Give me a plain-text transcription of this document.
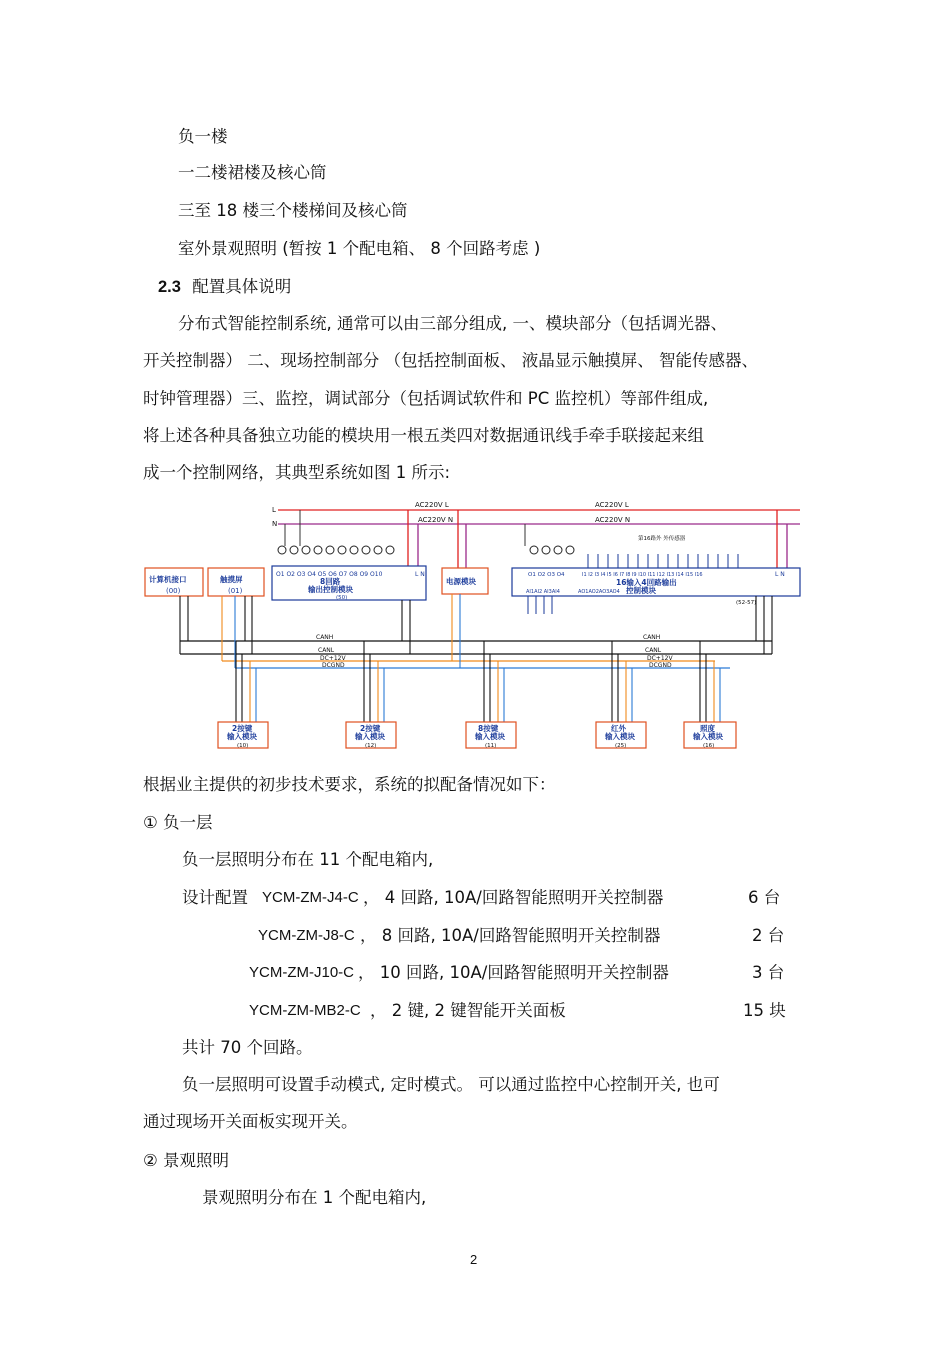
负一楼
一二楼裙楼及核心筒
三至 18 楼三个楼梯间及核心筒
室外景观照明 (暂按 1 个配电箱、 8 个回路考虑 )
2.3 配置具体说明
分布式智能控制系统, 通常可以由三部分组成, 一、模块部分（包括调光器、
开关控制器） 二、现场控制部分 （包括控制面板、 液晶显示触摸屏、 智能传感器、
时钟管理器）三、监控，调试部分（包括调试软件和 PC 监控机）等部件组成,
将上述各种具备独立功能的模块用一根五类四对数据通讯线手牵手联接起来组
成一个控制网络，其典型系统如图 1 所示:
L
N
AC220V L
AC220V N
AC220V L
AC220V N
第16路外 外传感器
计算机接口
(00)
触摸屏
(01)
O1 O2 O3 O4 O5 O6 O7 O8 O9 O10	L N
8回路
输出控制模块
(50)
电源模块
O1 O2 O3 O4	I1 I2 I3 I4 I5 I6 I7 I8 I9 I10 I11 I12 I13 I14 I15 I16	L N
16输入4回路输出
控制模块
AI1AI2 AI3AI4	AO1AO2AO3AO4
(52-57)
CANH
CANL
DC+12V
DCGND
CANH
CANL
DC+12V
DCGND
2按键
输入模块
(10)
2按键
输入模块
(12)
8按键
输入模块
(11)
红外
输入模块
(25)
照度
输入模块
(16)
根据业主提供的初步技术要求，系统的拟配备情况如下：
① 负一层
负一层照明分布在 11 个配电箱内,
设计配置 YCM-ZM-J4-C ， 4 回路, 10A/回路智能照明开关控制器	6 台
YCM-ZM-J8-C ， 8 回路, 10A/回路智能照明开关控制器	2 台
YCM-ZM-J10-C ， 10 回路, 10A/回路智能照明开关控制器	3 台
YCM-ZM-MB2-C ， 2 键, 2 键智能开关面板	15 块
共计 70 个回路。
负一层照明可设置手动模式, 定时模式。 可以通过监控中心控制开关, 也可
通过现场开关面板实现开关。
② 景观照明
景观照明分布在 1 个配电箱内,
2
